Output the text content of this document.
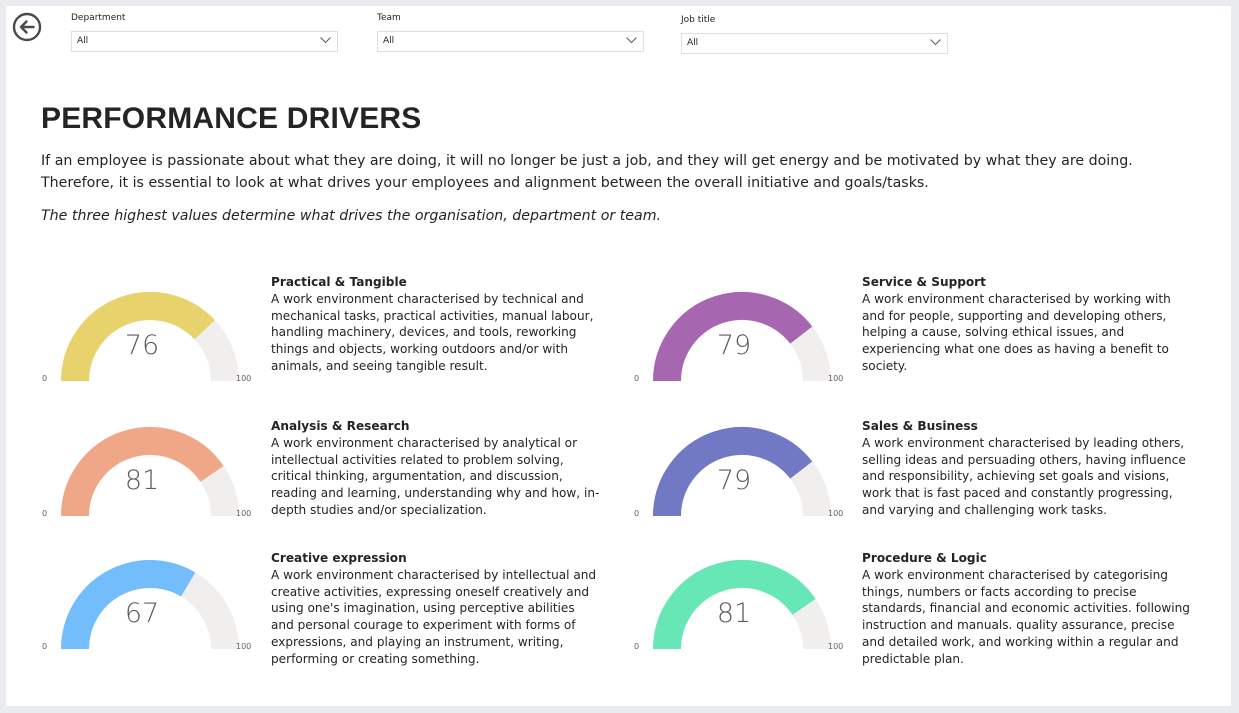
Department
All
Team
All
Job title
All
PERFORMANCE DRIVERS
If an employee is passionate about what they are doing, it will no longer be just a job, and they will get energy and be motivated by what they are doing.
Therefore, it is essential to look at what drives your employees and alignment between the overall initiative and goals/tasks.
The three highest values determine what drives the organisation, department or team.
76
0	100
Practical & Tangible
A work environment characterised by technical and mechanical tasks, practical activities, manual labour, handling machinery, devices, and tools, reworking things and objects, working outdoors and/or with animals, and seeing tangible result.
79
0	100
Service & Support
A work environment characterised by working with and for people, supporting and developing others, helping a cause, solving ethical issues, and experiencing what one does as having a benefit to society.
81
0	100
Analysis & Research
A work environment characterised by analytical or intellectual activities related to problem solving, critical thinking, argumentation, and discussion, reading and learning, understanding why and how, in-depth studies and/or specialization.
79
0	100
Sales & Business
A work environment characterised by leading others, selling ideas and persuading others, having influence and responsibility, achieving set goals and visions, work that is fast paced and constantly progressing, and varying and challenging work tasks.
67
0	100
Creative expression
A work environment characterised by intellectual and creative activities, expressing oneself creatively and using one's imagination, using perceptive abilities and personal courage to experiment with forms of expressions, and playing an instrument, writing, performing or creating something.
81
0	100
Procedure & Logic
A work environment characterised by categorising things, numbers or facts according to precise standards, financial and economic activities. following instruction and manuals. quality assurance, precise and detailed work, and working within a regular and predictable plan.
